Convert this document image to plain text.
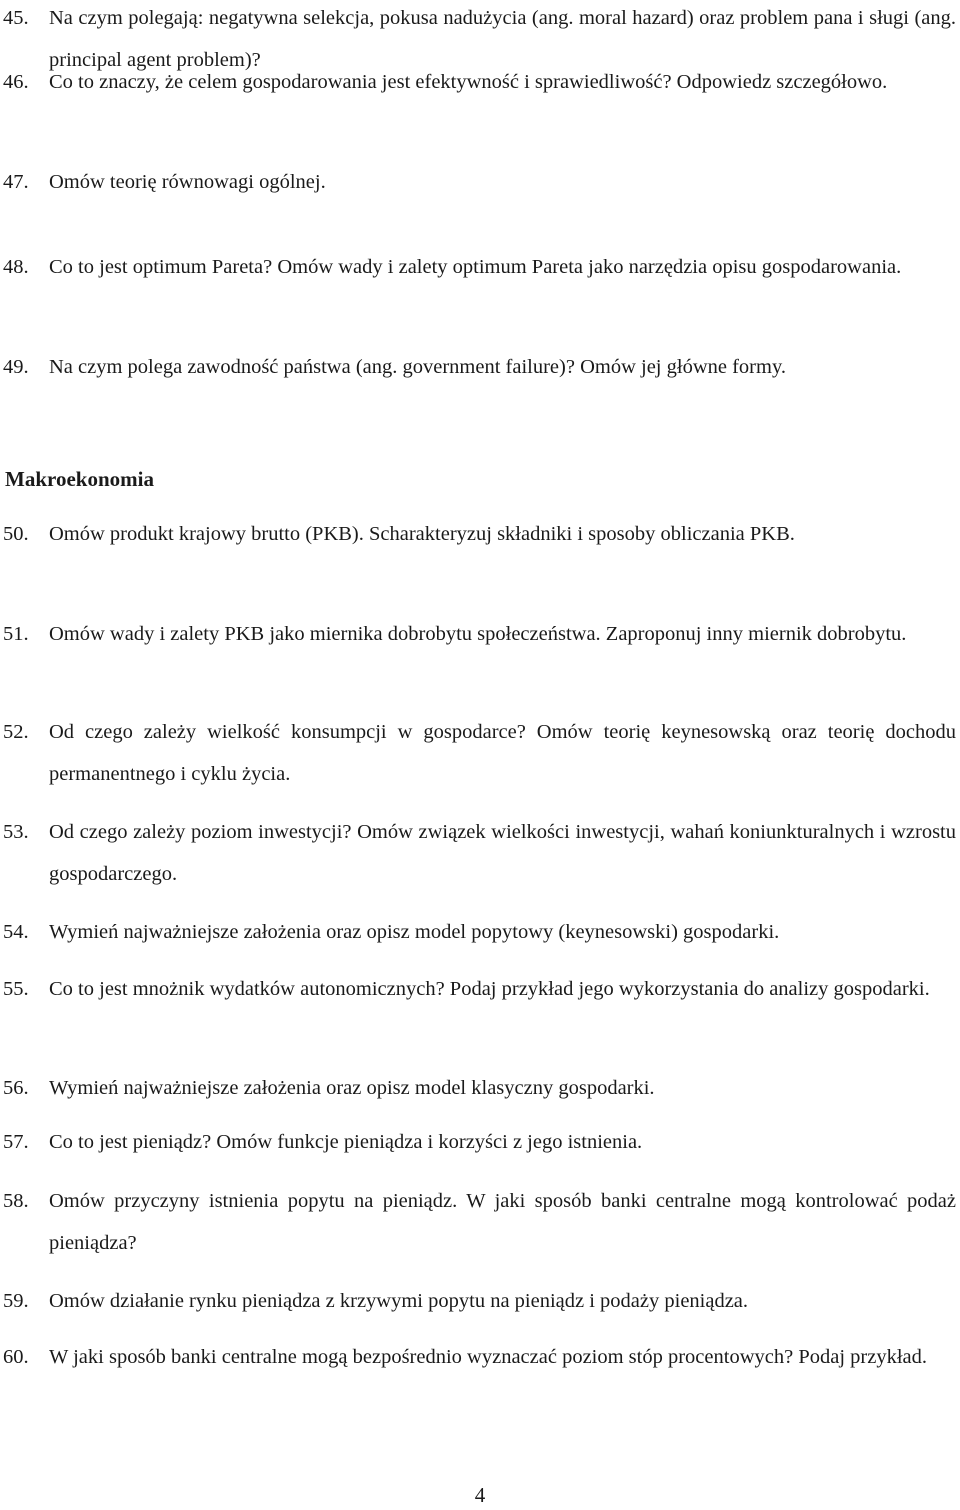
45. Na czym polegają: negatywna selekcja, pokusa nadużycia (ang. moral hazard) oraz problem pana i sługi (ang. principal agent problem)?
46. Co to znaczy, że celem gospodarowania jest efektywność i sprawiedliwość? Odpowiedz szczegółowo.
47. Omów teorię równowagi ogólnej.
48. Co to jest optimum Pareta? Omów wady i zalety optimum Pareta jako narzędzia opisu gospodarowania.
49. Na czym polega zawodność państwa (ang. government failure)? Omów jej główne formy.
Makroekonomia
50. Omów produkt krajowy brutto (PKB). Scharakteryzuj składniki i sposoby obliczania PKB.
51. Omów wady i zalety PKB jako miernika dobrobytu społeczeństwa. Zaproponuj inny miernik dobrobytu.
52. Od czego zależy wielkość konsumpcji w gospodarce? Omów teorię keynesowską oraz teorię dochodu permanentnego i cyklu życia.
53. Od czego zależy poziom inwestycji? Omów związek wielkości inwestycji, wahań koniunkturalnych i wzrostu gospodarczego.
54. Wymień najważniejsze założenia oraz opisz model popytowy (keynesowski) gospodarki.
55. Co to jest mnożnik wydatków autonomicznych? Podaj przykład jego wykorzystania do analizy gospodarki.
56. Wymień najważniejsze założenia oraz opisz model klasyczny gospodarki.
57. Co to jest pieniądz? Omów funkcje pieniądza i korzyści z jego istnienia.
58. Omów przyczyny istnienia popytu na pieniądz. W jaki sposób banki centralne mogą kontrolować podaż pieniądza?
59. Omów działanie rynku pieniądza z krzywymi popytu na pieniądz i podaży pieniądza.
60. W jaki sposób banki centralne mogą bezpośrednio wyznaczać poziom stóp procentowych? Podaj przykład.
4
